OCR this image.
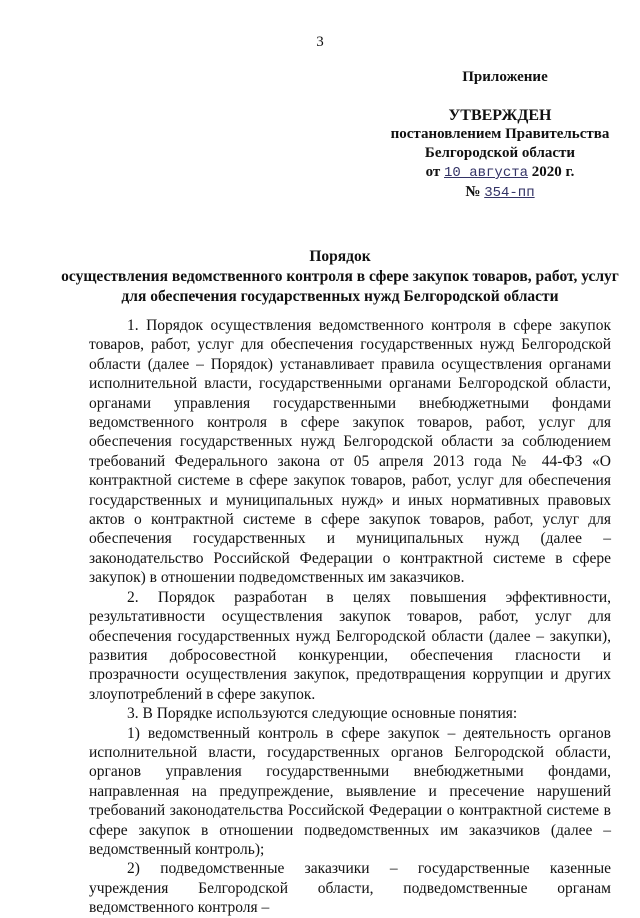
3
Приложение
УТВЕРЖДЕН
постановлением Правительства
Белгородской области
от 10 августа 2020 г.
№ 354-пп
Порядок
осуществления ведомственного контроля в сфере закупок товаров, работ, услуг для обеспечения государственных нужд Белгородской области

1. Порядок осуществления ведомственного контроля в сфере закупок товаров, работ, услуг для обеспечения государственных нужд Белгородской области (далее – Порядок) устанавливает правила осуществления органами исполнительной власти, государственными органами Белгородской области, органами управления государственными внебюджетными фондами ведомственного контроля в сфере закупок товаров, работ, услуг для обеспечения государственных нужд Белгородской области за соблюдением требований Федерального закона от 05 апреля 2013 года № 44-ФЗ «О контрактной системе в сфере закупок товаров, работ, услуг для обеспечения государственных и муниципальных нужд» и иных нормативных правовых актов о контрактной системе в сфере закупок товаров, работ, услуг для обеспечения государственных и муниципальных нужд (далее – законодательство Российской Федерации о контрактной системе в сфере закупок) в отношении подведомственных им заказчиков.

2. Порядок разработан в целях повышения эффективности, результативности осуществления закупок товаров, работ, услуг для обеспечения государственных нужд Белгородской области (далее – закупки), развития добросовестной конкуренции, обеспечения гласности и прозрачности осуществления закупок, предотвращения коррупции и других злоупотреблений в сфере закупок.

3. В Порядке используются следующие основные понятия:

1) ведомственный контроль в сфере закупок – деятельность органов исполнительной власти, государственных органов Белгородской области, органов управления государственными внебюджетными фондами, направленная на предупреждение, выявление и пресечение нарушений требований законодательства Российской Федерации о контрактной системе в сфере закупок в отношении подведомственных им заказчиков (далее – ведомственный контроль);

2) подведомственные заказчики – государственные казенные учреждения Белгородской области, подведомственные органам ведомственного контроля –
